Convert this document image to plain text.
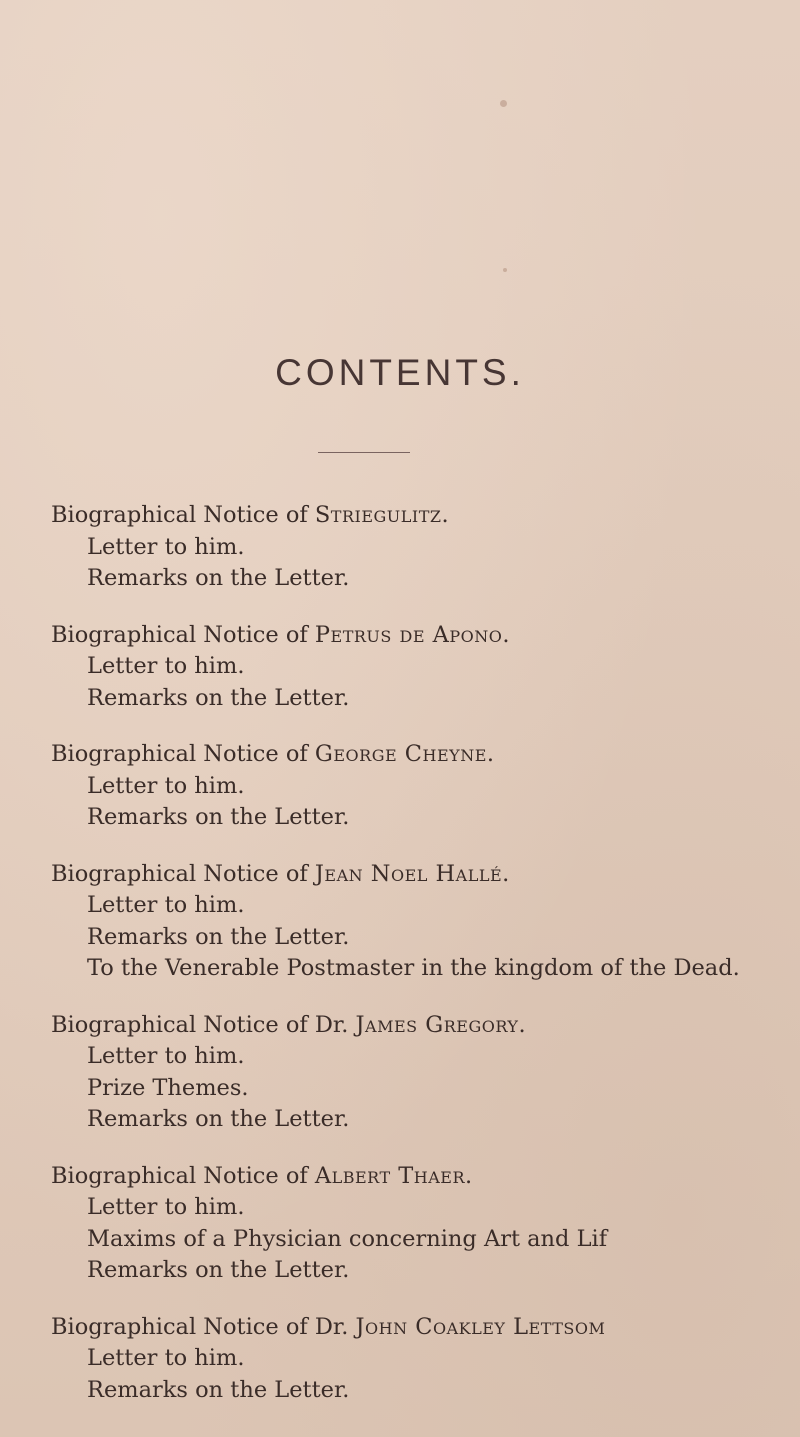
CONTENTS.
Biographical Notice of Striegulitz.
Letter to him.
Remarks on the Letter.
Biographical Notice of Petrus de Apono.
Letter to him.
Remarks on the Letter.
Biographical Notice of George Cheyne.
Letter to him.
Remarks on the Letter.
Biographical Notice of Jean Noel Hallé.
Letter to him.
Remarks on the Letter.
To the Venerable Postmaster in the kingdom of the Dead.
Biographical Notice of Dr. James Gregory.
Letter to him.
Prize Themes.
Remarks on the Letter.
Biographical Notice of Albert Thaer.
Letter to him.
Maxims of a Physician concerning Art and Lif
Remarks on the Letter.
Biographical Notice of Dr. John Coakley Lettsom
Letter to him.
Remarks on the Letter.
